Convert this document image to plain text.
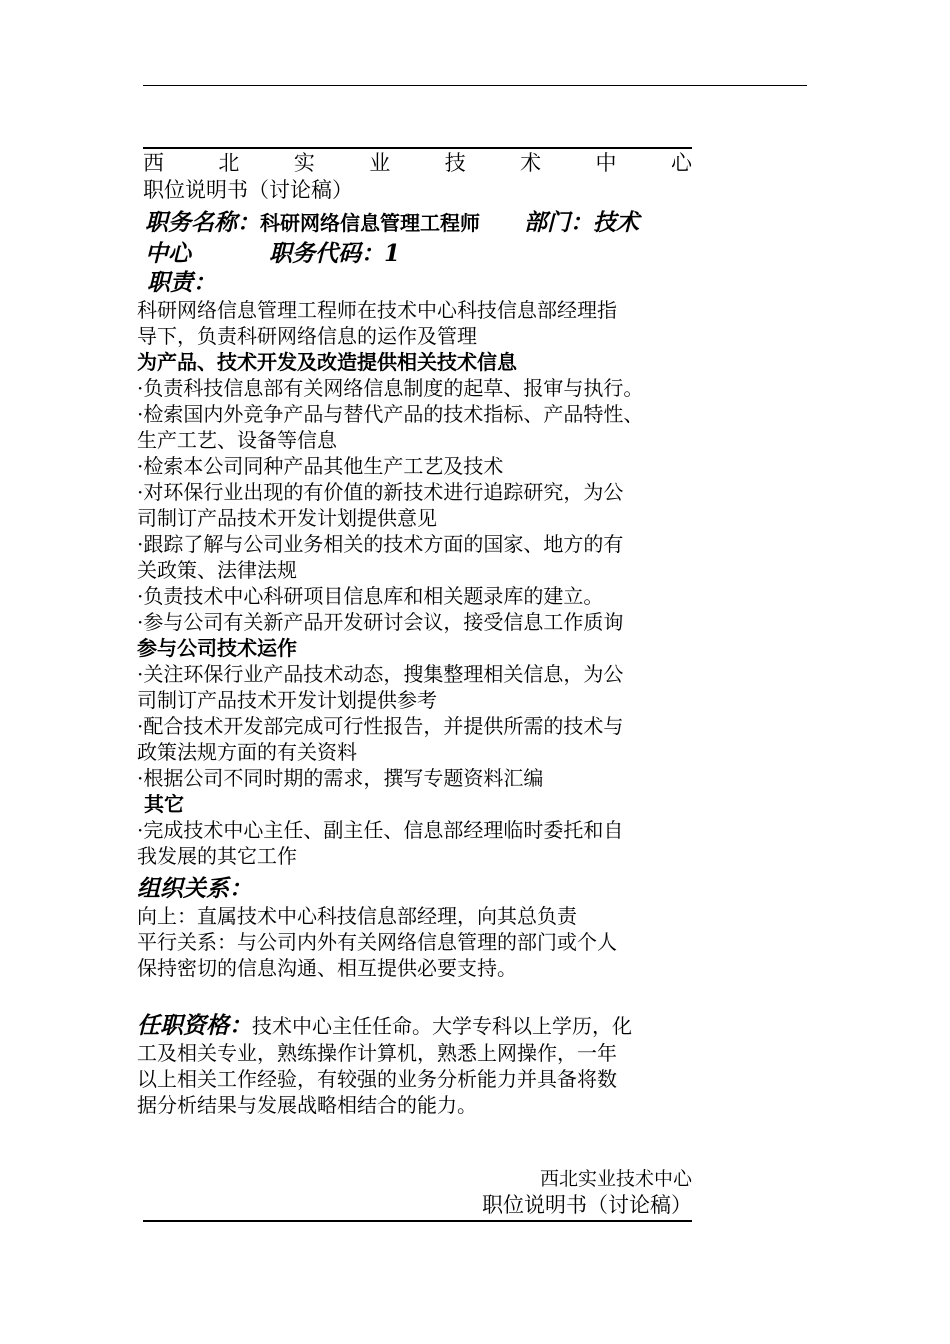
西	北	实	业	技	术	中	心
职位说明书（讨论稿）
职务名称：科研网络信息管理工程师 部门：技术
中心	职务代码：1
职责：
科研网络信息管理工程师在技术中心科技信息部经理指
导下，负责科研网络信息的运作及管理
为产品、技术开发及改造提供相关技术信息
·负责科技信息部有关网络信息制度的起草、报审与执行。
·检索国内外竞争产品与替代产品的技术指标、产品特性、
生产工艺、设备等信息
·检索本公司同种产品其他生产工艺及技术
·对环保行业出现的有价值的新技术进行追踪研究，为公
司制订产品技术开发计划提供意见
·跟踪了解与公司业务相关的技术方面的国家、地方的有
关政策、法律法规
·负责技术中心科研项目信息库和相关题录库的建立。
·参与公司有关新产品开发研讨会议，接受信息工作质询
参与公司技术运作
·关注环保行业产品技术动态，搜集整理相关信息，为公
司制订产品技术开发计划提供参考
·配合技术开发部完成可行性报告，并提供所需的技术与
政策法规方面的有关资料
·根据公司不同时期的需求，撰写专题资料汇编
其它
·完成技术中心主任、副主任、信息部经理临时委托和自
我发展的其它工作
组织关系：
向上：直属技术中心科技信息部经理，向其总负责
平行关系：与公司内外有关网络信息管理的部门或个人
保持密切的信息沟通、相互提供必要支持。
任职资格：技术中心主任任命。大学专科以上学历，化
工及相关专业，熟练操作计算机，熟悉上网操作，一年
以上相关工作经验，有较强的业务分析能力并具备将数
据分析结果与发展战略相结合的能力。
西北实业技术中心
职位说明书（讨论稿）
